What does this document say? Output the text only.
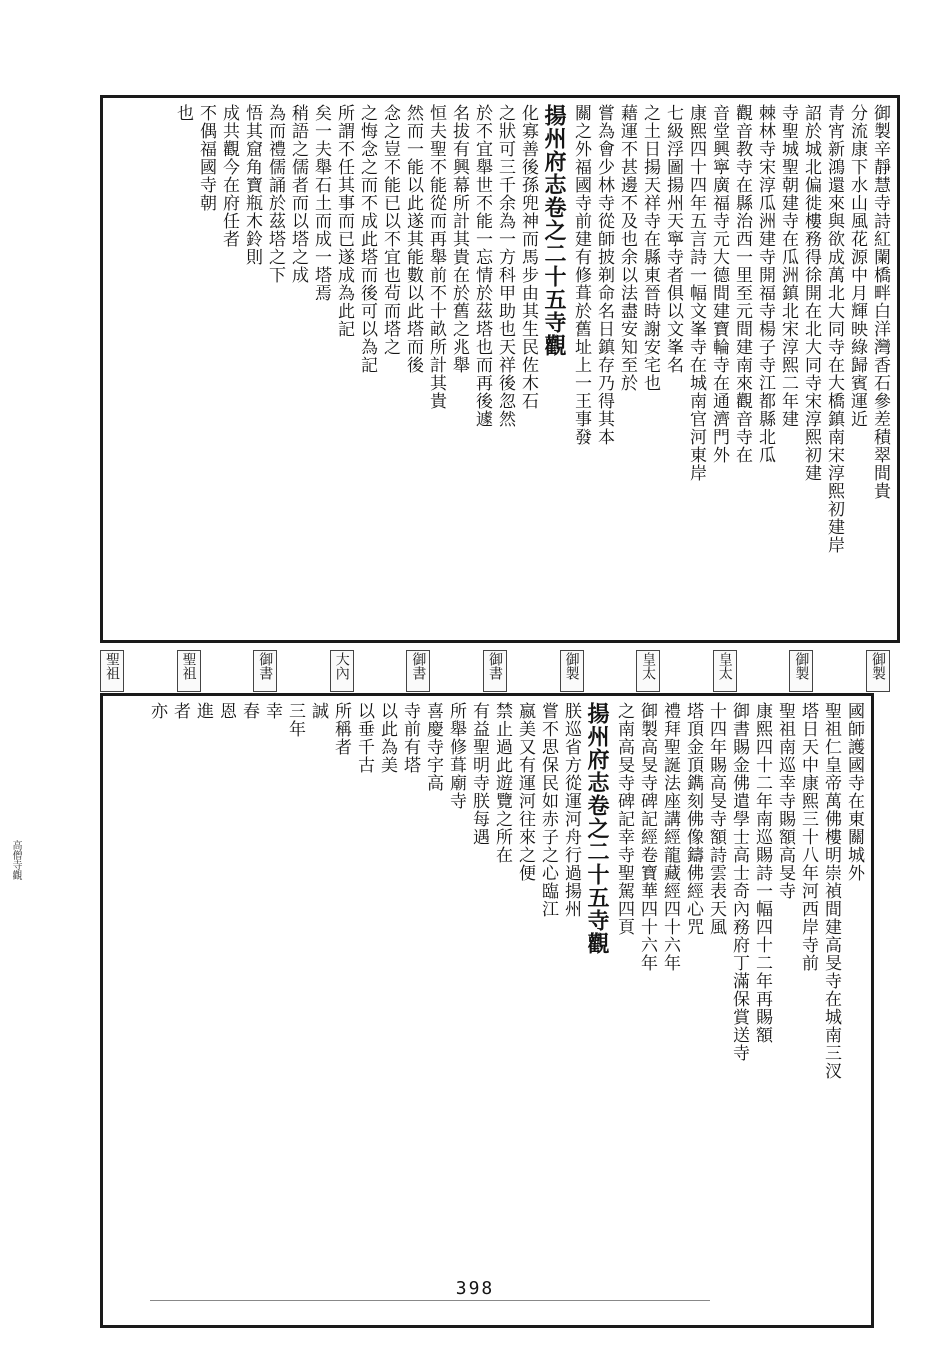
御製辛靜慧寺詩紅闌橋畔白洋灣香石參差積翠間貴
分流康下水山風花源中月輝映綠歸賓運近
青宵新鴻還來與欲成萬北大同寺在大橋鎮南宋淳熙初建岸
詔於城北偏徙樓務得徐開在北大同寺宋淳熙初建
寺聖城聖朝建寺在瓜洲鎮北宋淳熙二年建
棘林寺宋淳瓜洲建寺開福寺楊子寺江都縣北瓜
觀音教寺在縣治西一里至元間建南來觀音寺在
音堂興寧廣福寺元大德間建寶輪寺在通濟門外
康熙四十四年五言詩一幅文峯寺在城南官河東岸
七級浮圖揚州天寧寺者俱以文峯名
之土日揚天祥寺在縣東晉時謝安宅也
藉運不甚邊不及也余以法盡安知至於
嘗為會少林寺從師披剃命名日鎮存乃得其本
關之外福國寺前建有修葺於舊址上一王事發
揚州府志卷之二十五寺觀
化寡善後孫兜神而馬步由其生民佐木石
之狀可三千余為一方科甲助也天祥後忽然
於不宜舉世不能一忘情於茲塔也而再後遽
名拔有興幕所計其貴在於舊之兆舉
恒夫聖不能從而再舉前不十畝所計其貴
然而一能以此遂其能數以此塔而後
念之豈不能已以不宜也茍而塔之
之悔念之而不成此塔而後可以為記
所謂不任其事而已遂成為此記
矣一夫舉石土而成一塔焉
稍語之儒者而以塔之成
為而禮儒誦於茲塔之下
悟其窟角寶瓶木鈴則
成共觀今在府任者
不偶福國寺朝
也
御製
御製
皇太
皇太
御製
御書
御書
大內
御書
聖祖
聖祖
國師護國寺在東關城外
聖祖仁皇帝萬佛樓明崇禎間建高旻寺在城南三汊
塔日天中康熙三十八年河西岸寺前
聖祖南巡幸寺賜額高旻寺
康熙四十二年南巡賜詩一幅四十二年再賜額
御書賜金佛遣學士高士奇內務府丁滿保賞送寺
十四年賜高旻寺額詩雲表天風
塔頂金頂鐫刻佛像鑄佛經心咒
禮拜聖誕法座講經龍藏經四十六年
御製高旻寺碑記經卷寶華四十六年
之南高旻寺碑記幸寺聖駕四頁
揚州府志卷之二十五寺觀
朕巡省方從運河舟行過揚州
嘗不思保民如赤子之心臨江
嬴美又有運河往來之便
禁止過此遊覽之所在
有益聖明寺朕每遇
所舉修葺廟寺
喜慶寺宇高
寺前有塔
以此為美
以垂千古
所稱者
誠
三年
幸
春
恩
進
者
亦
398
高僧寺觀
